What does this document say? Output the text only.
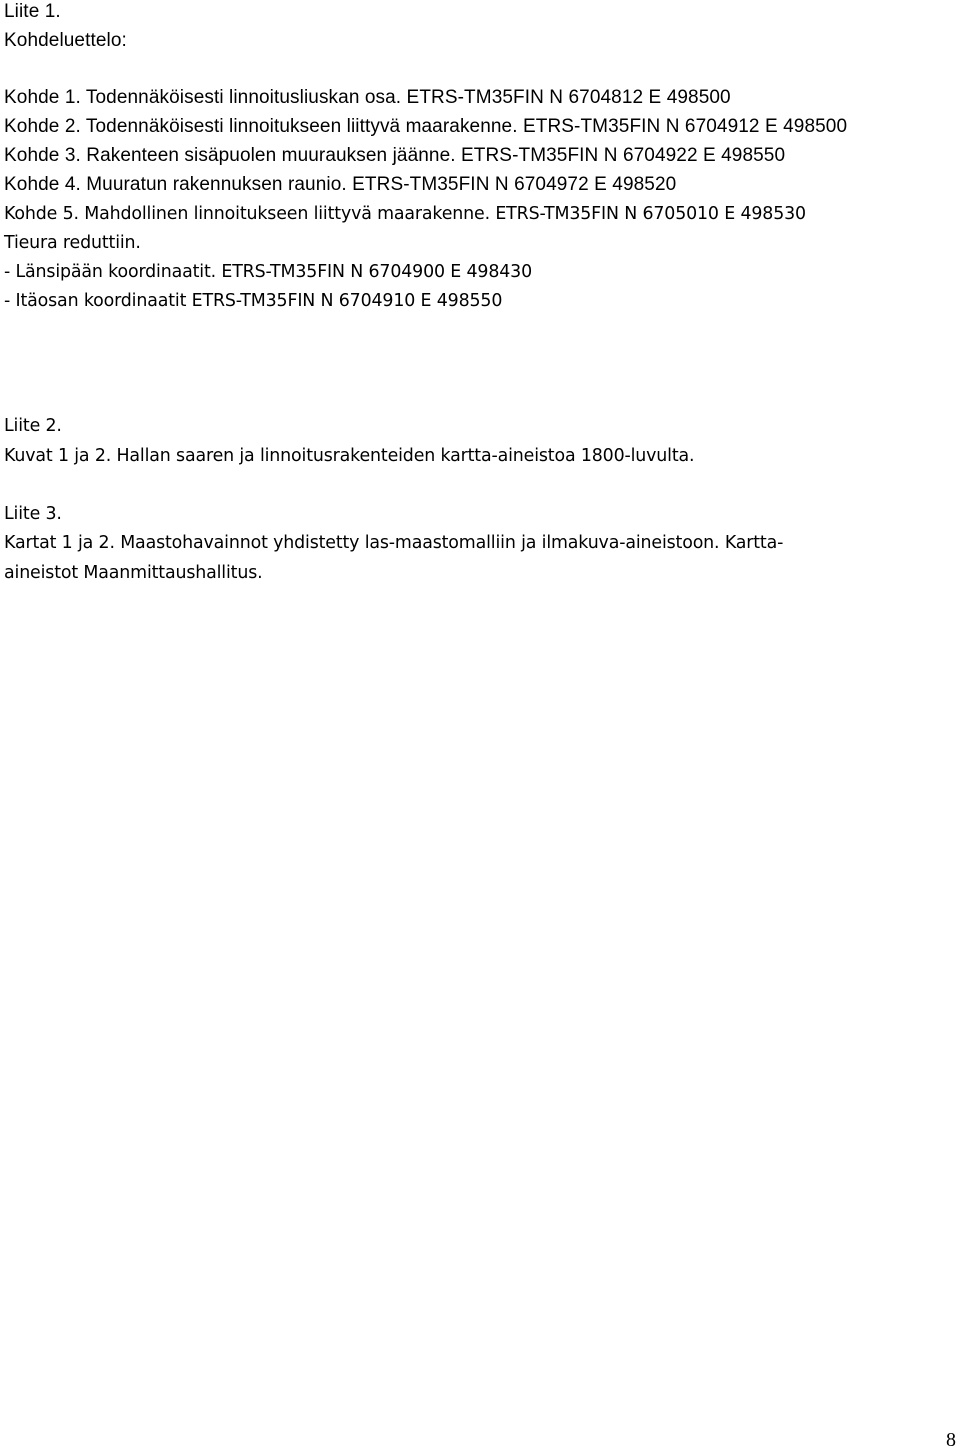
Liite 1.
Kohdeluettelo:
Kohde 1. Todennäköisesti linnoitusliuskan osa. ETRS-TM35FIN N 6704812 E 498500
Kohde 2. Todennäköisesti linnoitukseen liittyvä maarakenne. ETRS-TM35FIN N 6704912 E 498500
Kohde 3. Rakenteen sisäpuolen muurauksen jäänne. ETRS-TM35FIN N 6704922 E 498550
Kohde 4. Muuratun rakennuksen raunio. ETRS-TM35FIN N 6704972 E 498520
Kohde 5. Mahdollinen linnoitukseen liittyvä maarakenne. ETRS-TM35FIN N 6705010 E 498530
Tieura reduttiin.
- Länsipään koordinaatit. ETRS-TM35FIN N 6704900 E 498430
- Itäosan koordinaatit ETRS-TM35FIN N 6704910 E 498550
Liite 2.
Kuvat 1 ja 2. Hallan saaren ja linnoitusrakenteiden kartta-aineistoa 1800-luvulta.
Liite 3.
Kartat 1 ja 2. Maastohavainnot yhdistetty las-maastomalliin ja ilmakuva-aineistoon. Kartta-
aineistot Maanmittaushallitus.
8
